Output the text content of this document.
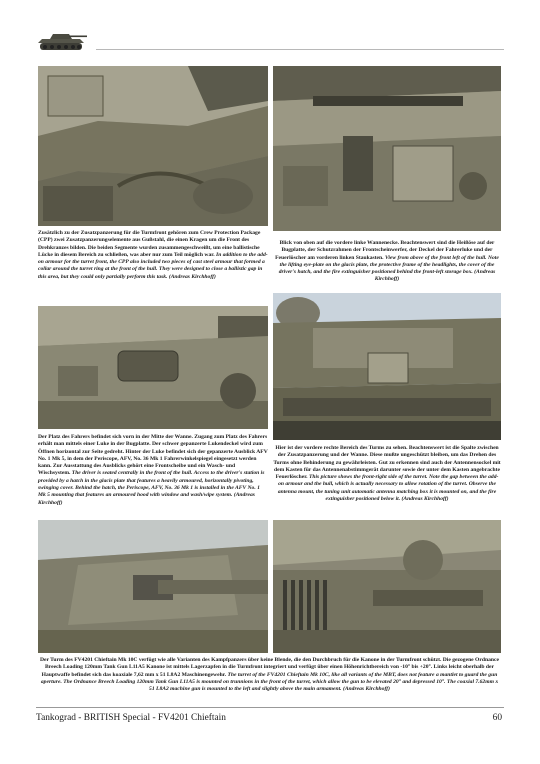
Zusätzlich zu der Zusatzpanzerung für die Turmfront gehören zum Crew Protection Package (CPP) zwei Zusatzpanzerungselemente aus Gußstahl, die einen Kragen um die Front des Drehkranzes bilden. Die beiden Segmente wurden zusammengeschweißt, um eine ballistische Lücke in diesem Bereich zu schließen, was aber nur zum Teil möglich war. In addition to the add-on armour for the turret front, the CPP also included two pieces of cast steel armour that formed a collar around the turret ring at the front of the hull. They were designed to close a ballistic gap in this area, but they could only partially perform this task. (Andreas Kirchhoff)

Blick von oben auf die vordere linke Wannenecke. Beachtenswert sind die Heißöse auf der Bugplatte, der Schutzrahmen der Frontscheinwerfer, der Deckel der Fahrerluke und der Feuerlöscher am vorderen linken Staukasten. View from above of the front left of the hull. Note the lifting eye-plate on the glacis plate, the protective frame of the headlights, the cover of the driver's hatch, and the fire extinguisher positioned behind the front-left storage box. (Andreas Kirchhoff)

Der Platz des Fahrers befindet sich vorn in der Mitte der Wanne. Zugang zum Platz des Fahrers erhält man mittels einer Luke in der Bugplatte. Der schwer gepanzerte Lukendeckel wird zum Öffnen horizontal zur Seite gedreht. Hinter der Luke befindet sich der gepanzerte Ausblick AFV No. 1 Mk 5, in dem der Periscope, AFV, No. 36 Mk 1 Fahrerwinkelspiegel eingesetzt werden kann. Zur Ausstattung des Ausblicks gehört eine Frontscheibe und ein Wasch- und Wischsystem. The driver is seated centrally in the front of the hull. Access to the driver's station is provided by a hatch in the glacis plate that features a heavily armoured, horizontally pivoting, swinging cover. Behind the hatch, the Periscope, AFV, No. 36 Mk 1 is installed in the AFV No. 1 Mk 5 mounting that features an armoured hood with window and wash/wipe system. (Andreas Kirchhoff)

Hier ist der vordere rechte Bereich des Turms zu sehen. Beachtenswert ist die Spalte zwischen der Zusatzpanzerung und der Wanne. Diese mußte ungeschützt bleiben, um das Drehen des Turms ohne Behinderung zu gewährleisten. Gut zu erkennen sind auch der Antennensockel mit dem Kasten für das Antennenabstimmgerät darunter sowie der unter dem Kasten angebrachte Feuerlöscher. This picture shows the front-right side of the turret. Note the gap between the add-on armour and the hull, which is actually necessary to allow rotation of the turret. Observe the antenna mount, the tuning unit automatic antenna matching box it is mounted on, and the fire extinguisher positioned below it. (Andreas Kirchhoff)

Der Turm des FV4201 Chieftain Mk 10C verfügt wie alle Varianten des Kampfpanzers über keine Blende, die den Durchbruch für die Kanone in der Turmfront schützt. Die gezogene Ordnance Breech Loading 120mm Tank Gun L11A5 Kanone ist mittels Lagerzapfen in die Turmfront integriert und verfügt über einen Höhenrichtbereich von -10° bis +20°. Links leicht oberhalb der Hauptwaffe befindet sich das koaxiale 7,62 mm x 51 L8A2 Maschinengewehr. The turret of the FV4201 Chieftain Mk 10C, like all variants of the MBT, does not feature a mantlet to guard the gun aperture. The Ordnance Breech Loading 120mm Tank Gun L11A5 is mounted on trunnions in the front of the turret, which allow the gun to be elevated 20° and depressed 10°. The coaxial 7.62mm x 51 L8A2 machine gun is mounted to the left and slightly above the main armament. (Andreas Kirchhoff)

Tankograd - BRITISH Special - FV4201 Chieftain	60
